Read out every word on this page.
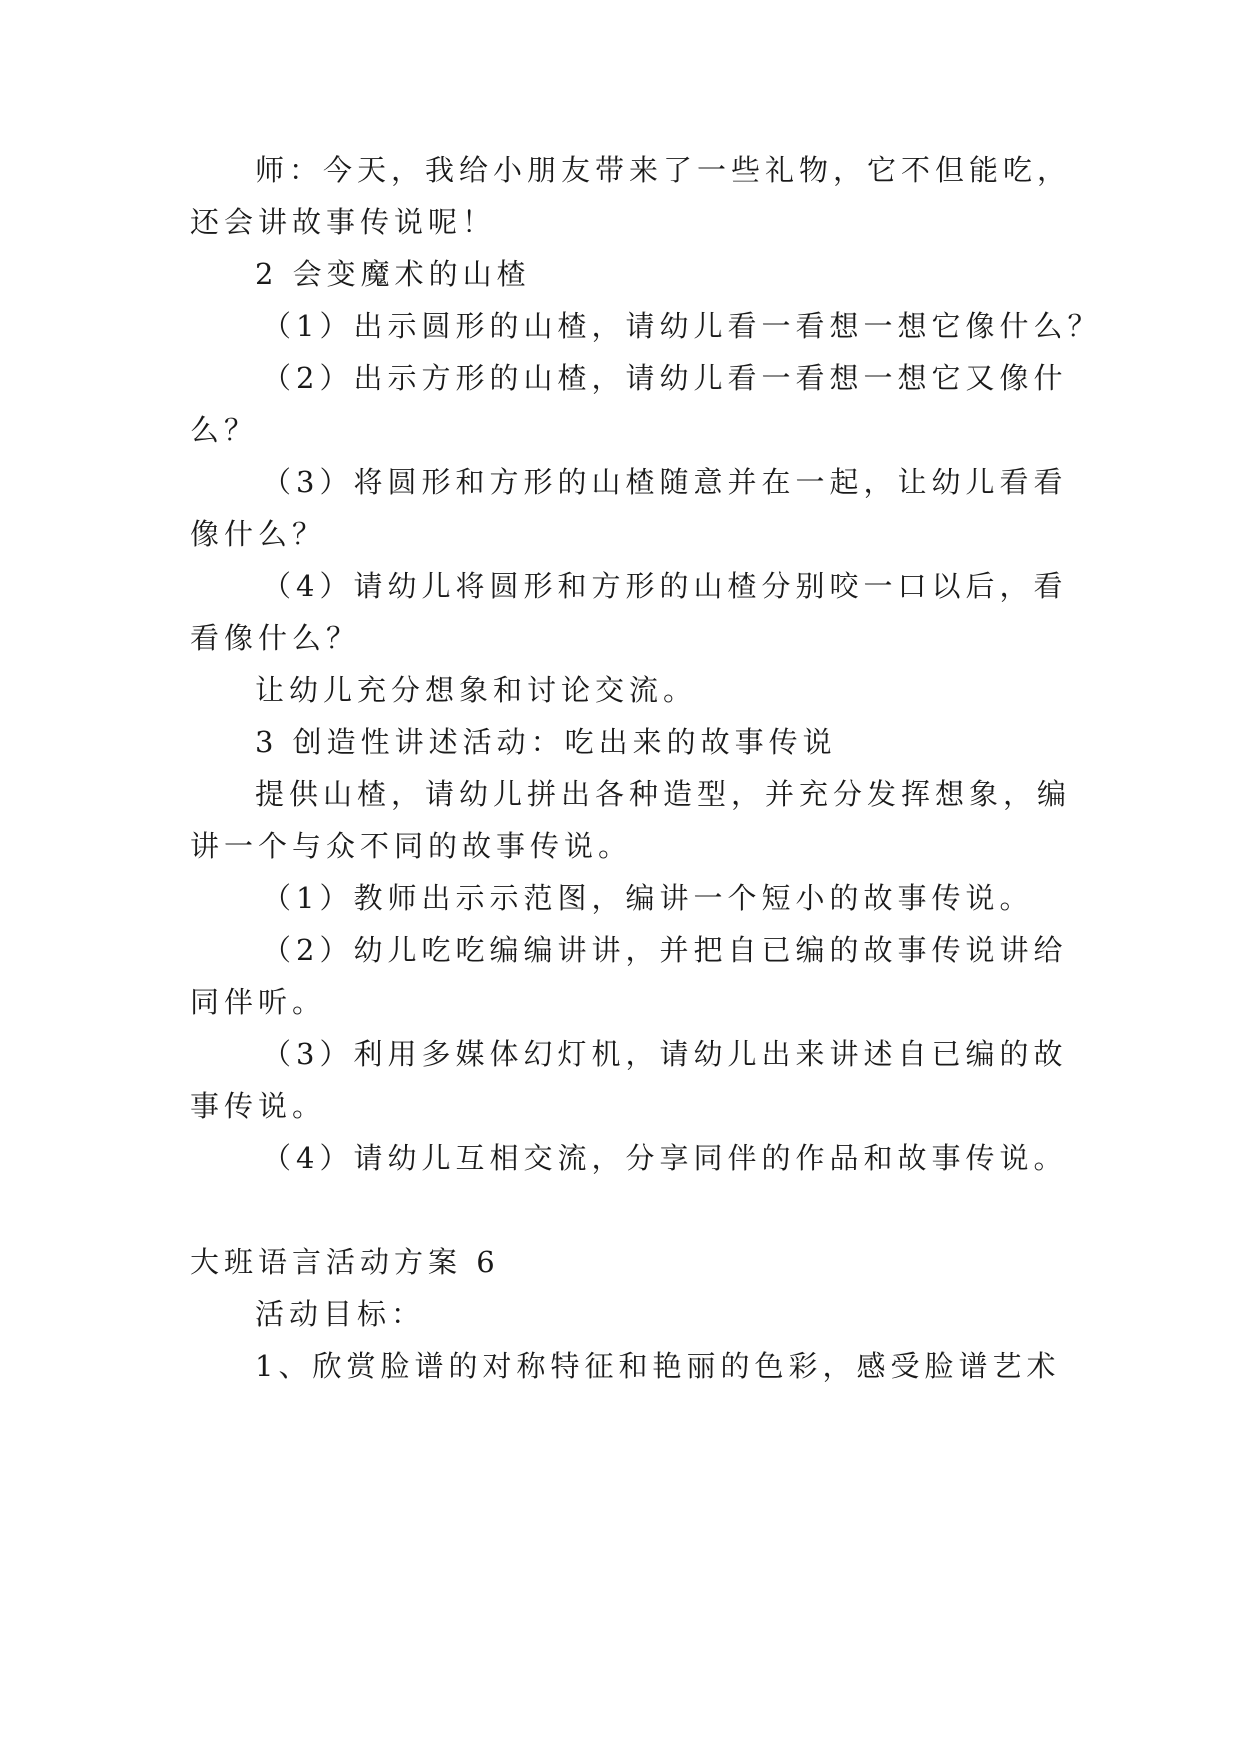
师：今天，我给小朋友带来了一些礼物，它不但能吃，
还会讲故事传说呢！
2 会变魔术的山楂
（1）出示圆形的山楂，请幼儿看一看想一想它像什么？
（2）出示方形的山楂，请幼儿看一看想一想它又像什
么？
（3）将圆形和方形的山楂随意并在一起，让幼儿看看
像什么？
（4）请幼儿将圆形和方形的山楂分别咬一口以后，看
看像什么？
让幼儿充分想象和讨论交流。
3 创造性讲述活动：吃出来的故事传说
提供山楂，请幼儿拼出各种造型，并充分发挥想象，编
讲一个与众不同的故事传说。
（1）教师出示示范图，编讲一个短小的故事传说。
（2）幼儿吃吃编编讲讲，并把自已编的故事传说讲给
同伴听。
（3）利用多媒体幻灯机，请幼儿出来讲述自已编的故
事传说。
（4）请幼儿互相交流，分享同伴的作品和故事传说。
大班语言活动方案 6
活动目标：
1、欣赏脸谱的对称特征和艳丽的色彩，感受脸谱艺术
